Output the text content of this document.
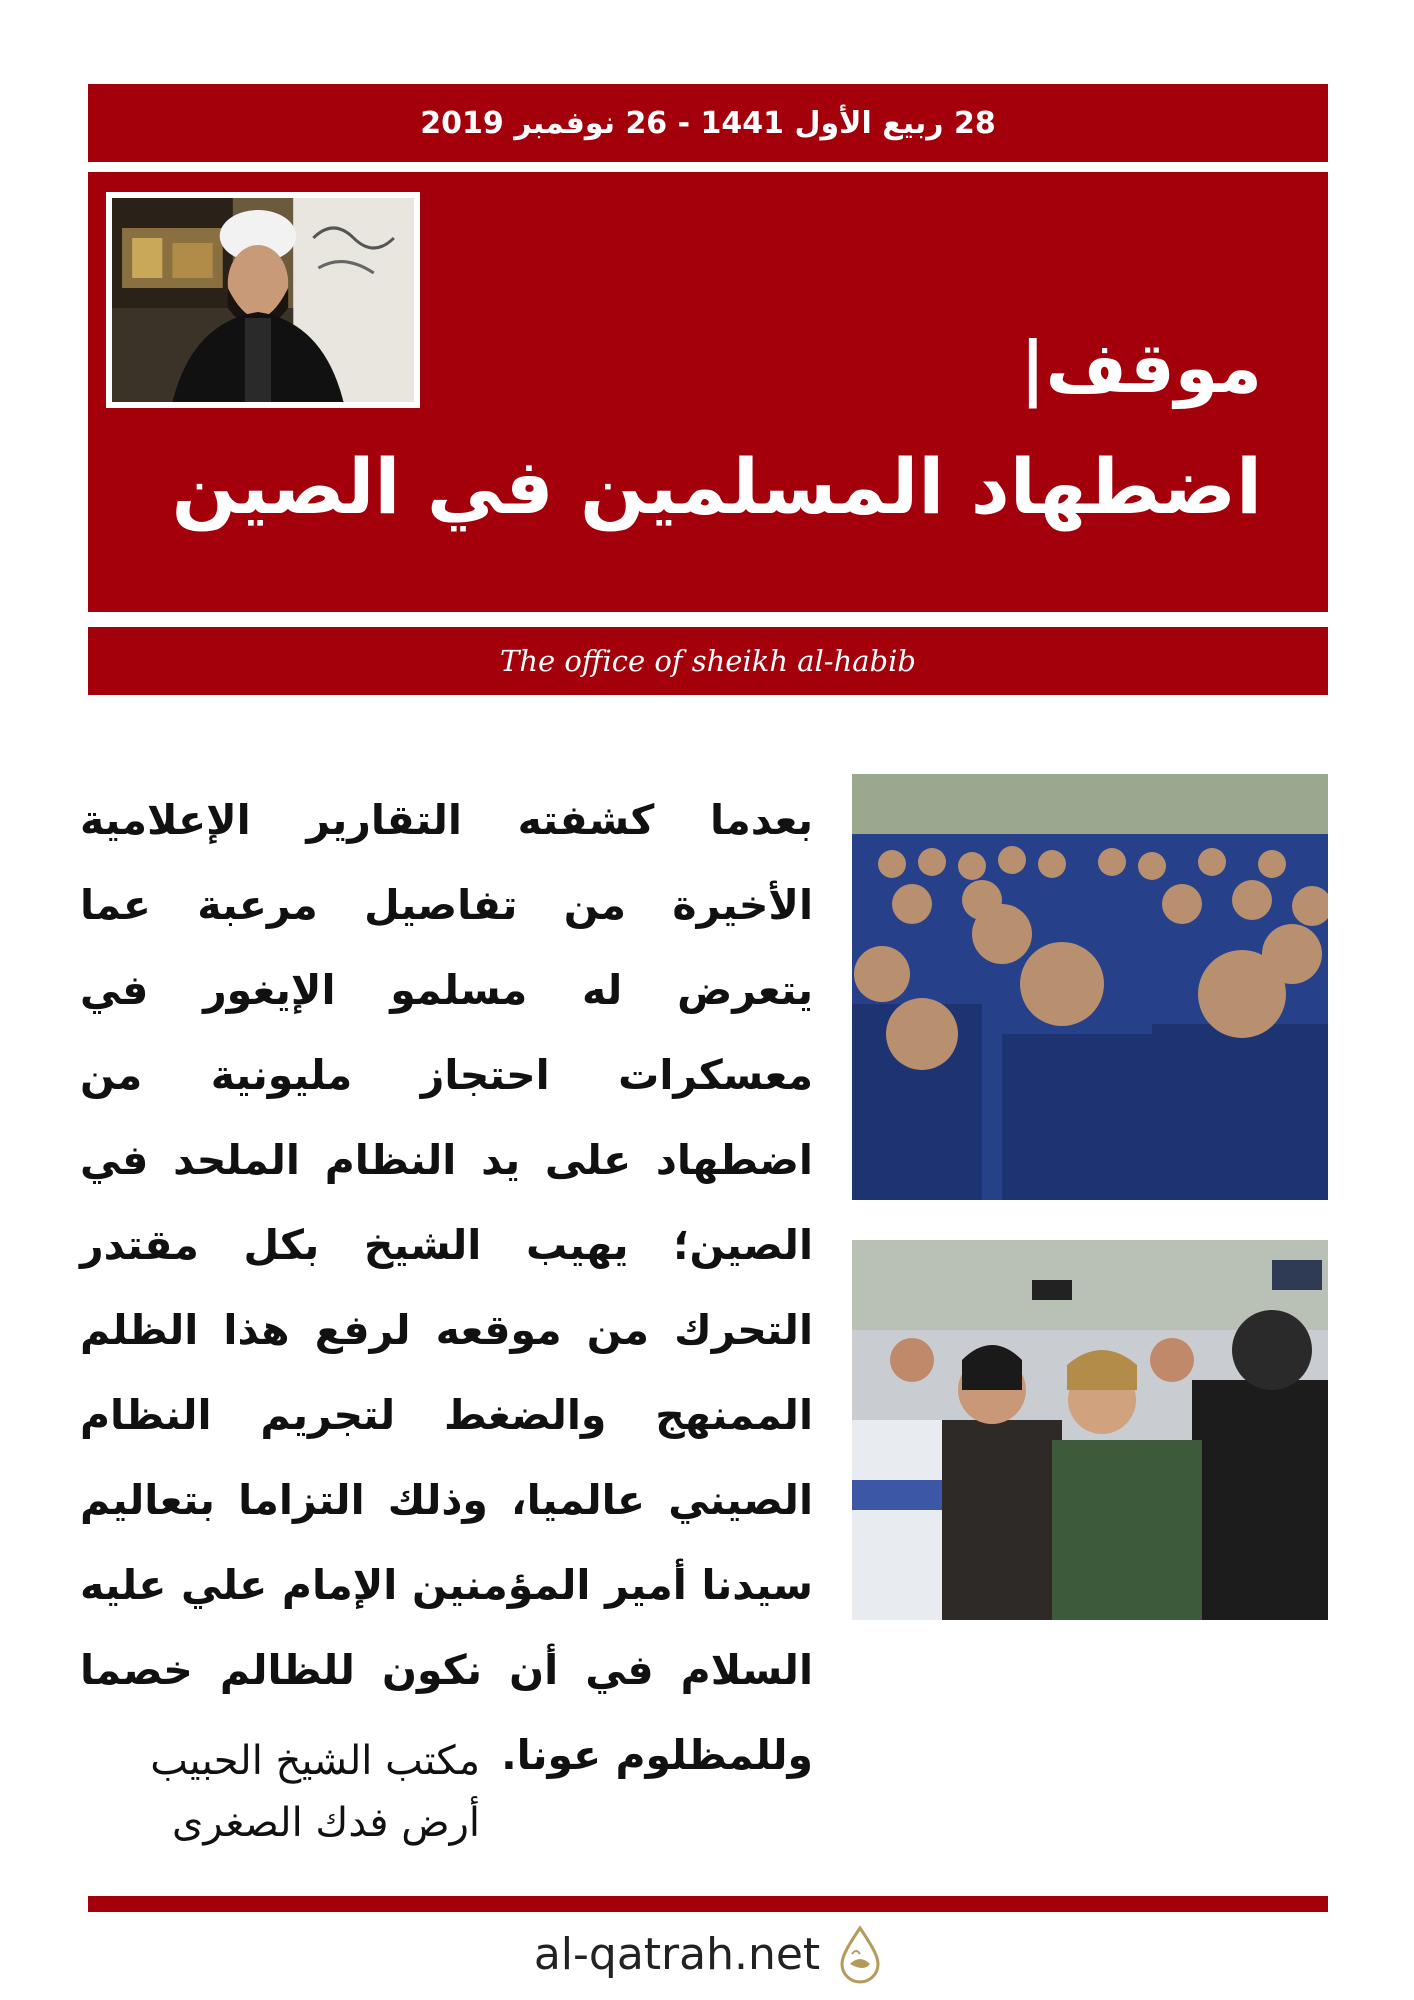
28 ربيع الأول 1441 - 26 نوفمبر 2019
موقف|
اضطهاد المسلمين في الصين
The office of sheikh al-habib
بعدما كشفته التقارير الإعلامية الأخيرة من تفاصيل مرعبة عما يتعرض له مسلمو الإيغور في معسكرات احتجاز مليونية من اضطهاد على يد النظام الملحد في الصين؛ يهيب الشيخ بكل مقتدر التحرك من موقعه لرفع هذا الظلم الممنهج والضغط لتجريم النظام الصيني عالميا، وذلك التزاما بتعاليم سيدنا أمير المؤمنين الإمام علي عليه السلام في أن نكون للظالم خصما وللمظلوم عونا.
مكتب الشيخ الحبيب
أرض فدك الصغرى
al-qatrah.net
